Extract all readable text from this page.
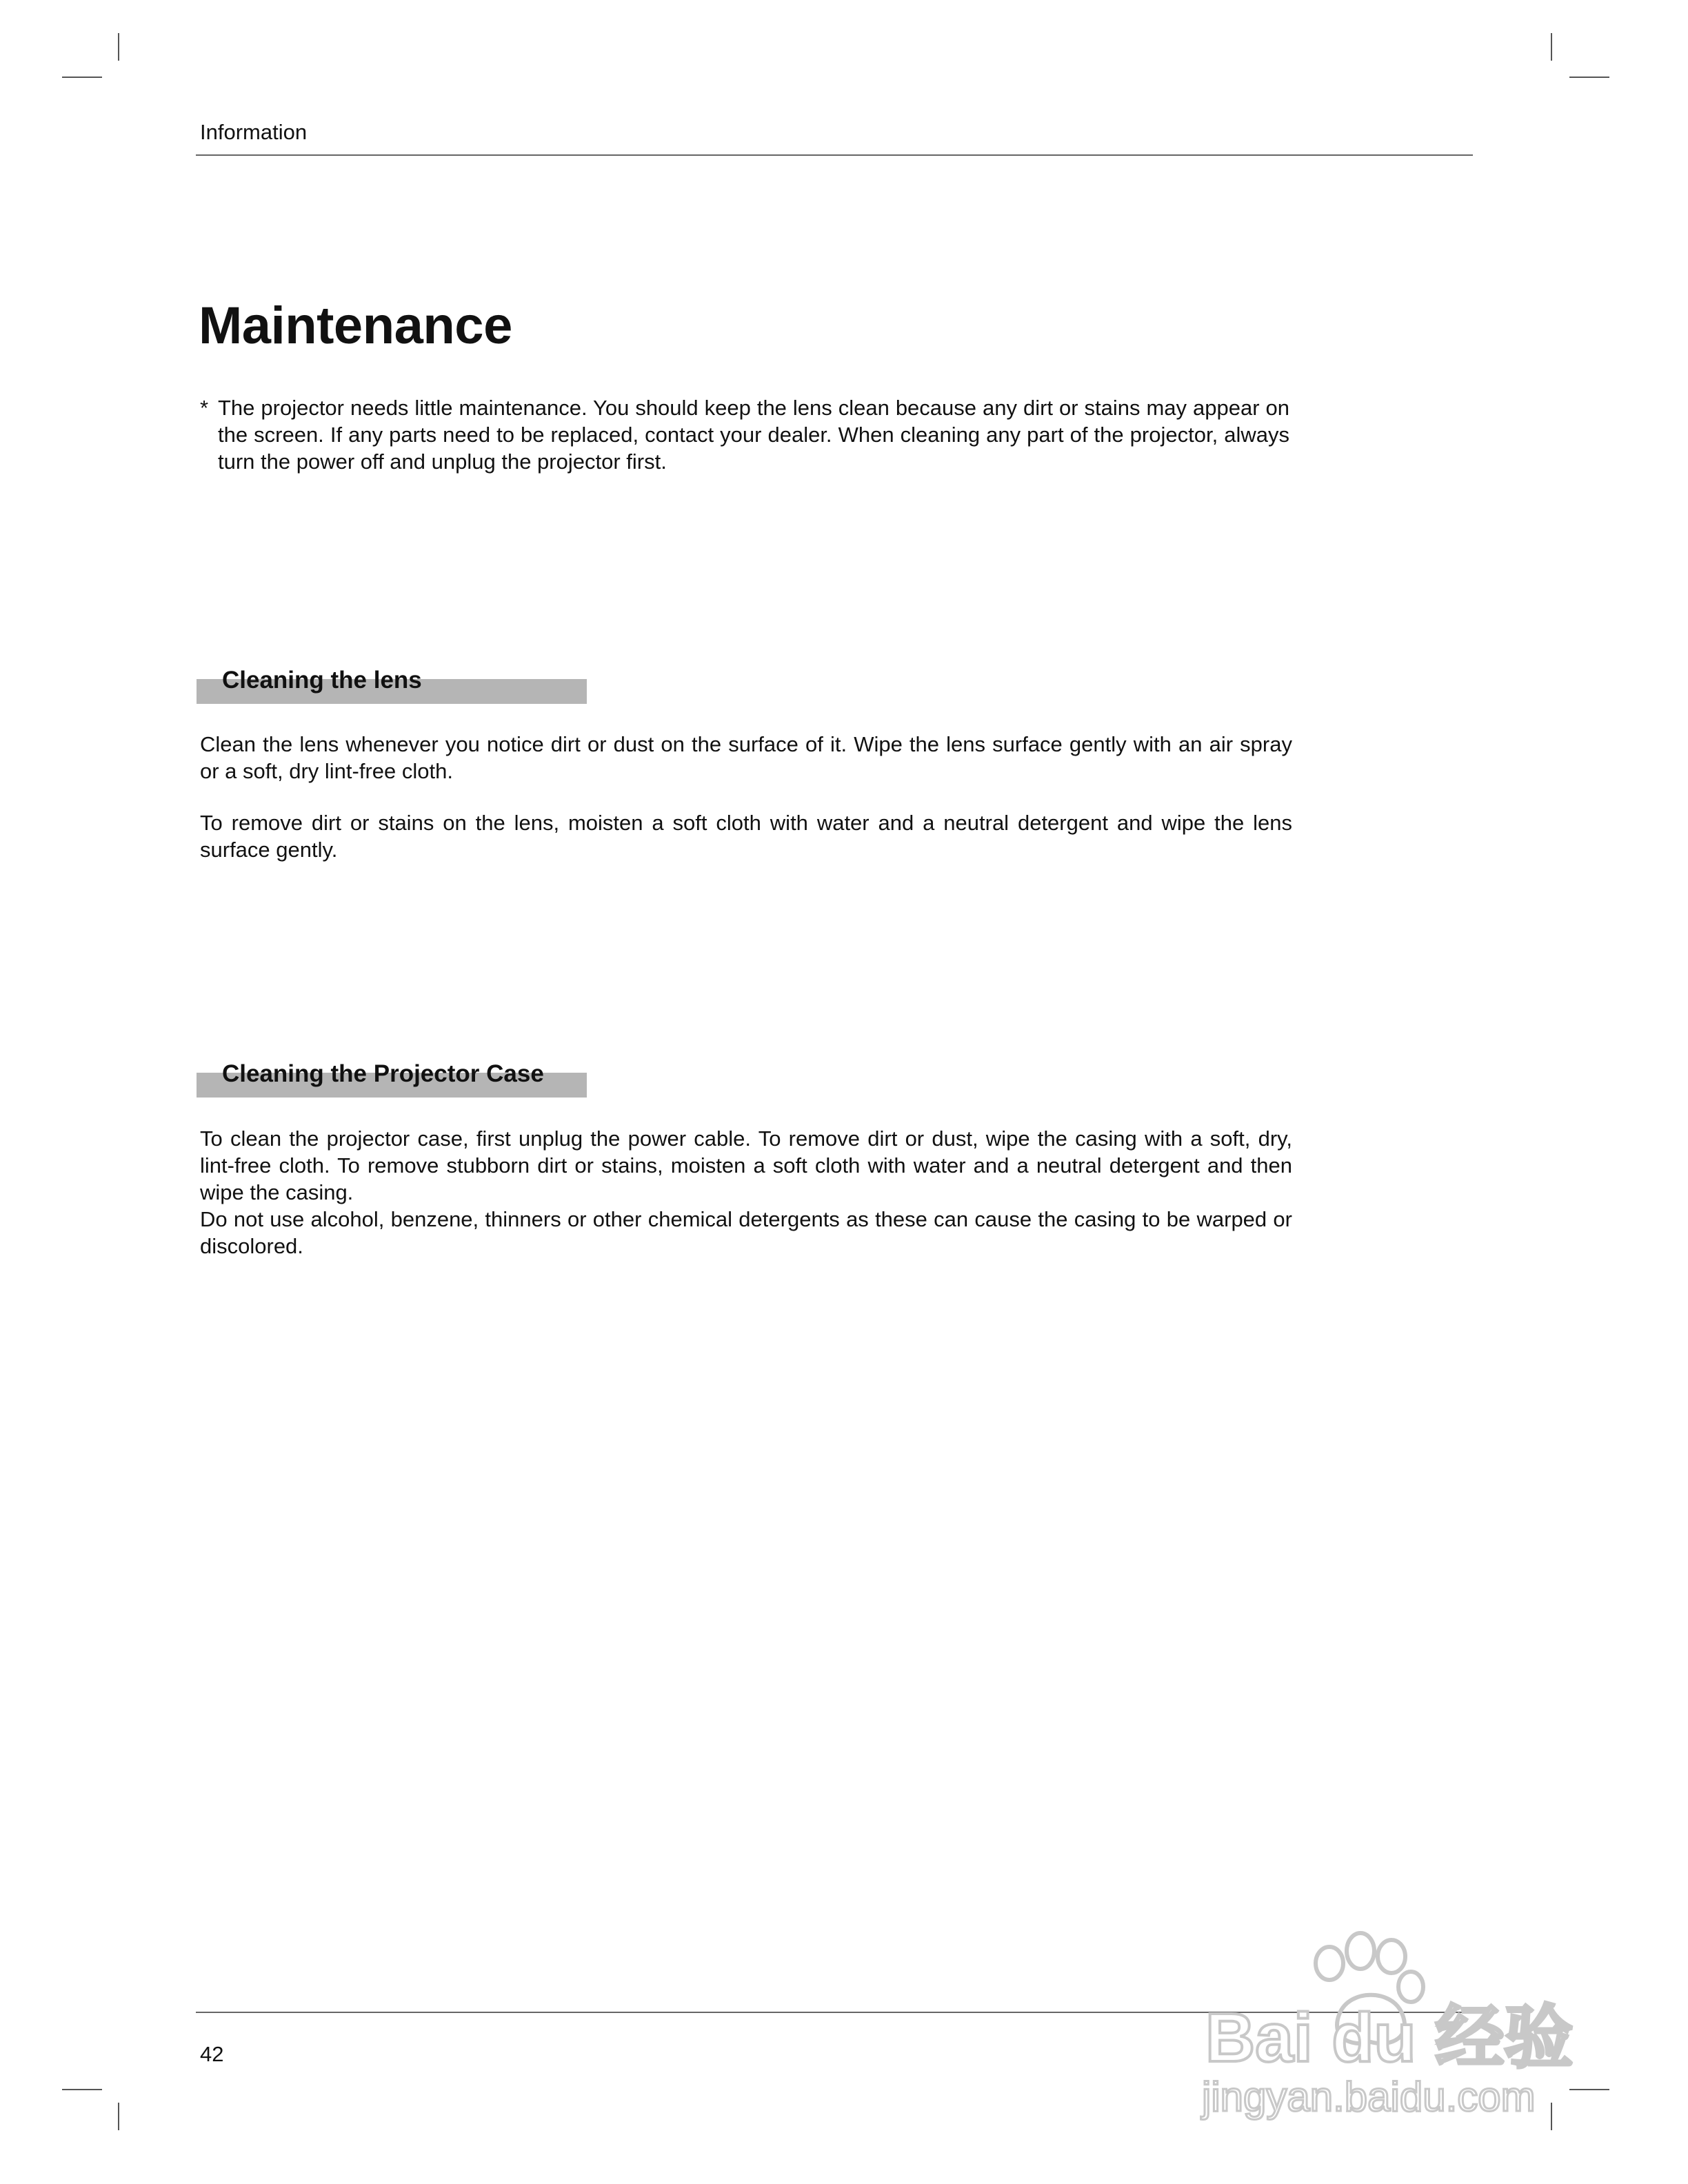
Information
Maintenance
* The projector needs little maintenance. You should keep the lens clean because any dirt or stains may appear on the screen. If any parts need to be replaced, contact your dealer. When cleaning any part of the projector, always turn the power off and unplug the projector first.
Cleaning the lens

Clean the lens whenever you notice dirt or dust on the surface of it. Wipe the lens surface gently with an air spray or a soft, dry lint-free cloth.

To remove dirt or stains on the lens, moisten a soft cloth with water and a neutral detergent and wipe the lens surface gently.

Cleaning the Projector Case

To clean the projector case, first unplug the power cable. To remove dirt or dust, wipe the casing with a soft, dry, lint-free cloth. To remove stubborn dirt or stains, moisten a soft cloth with water and a neutral detergent and then wipe the casing.

Do not use alcohol, benzene, thinners or other chemical detergents as these can cause the casing to be warped or discolored.

42	Bai du 经验
jingyan.baidu.com
